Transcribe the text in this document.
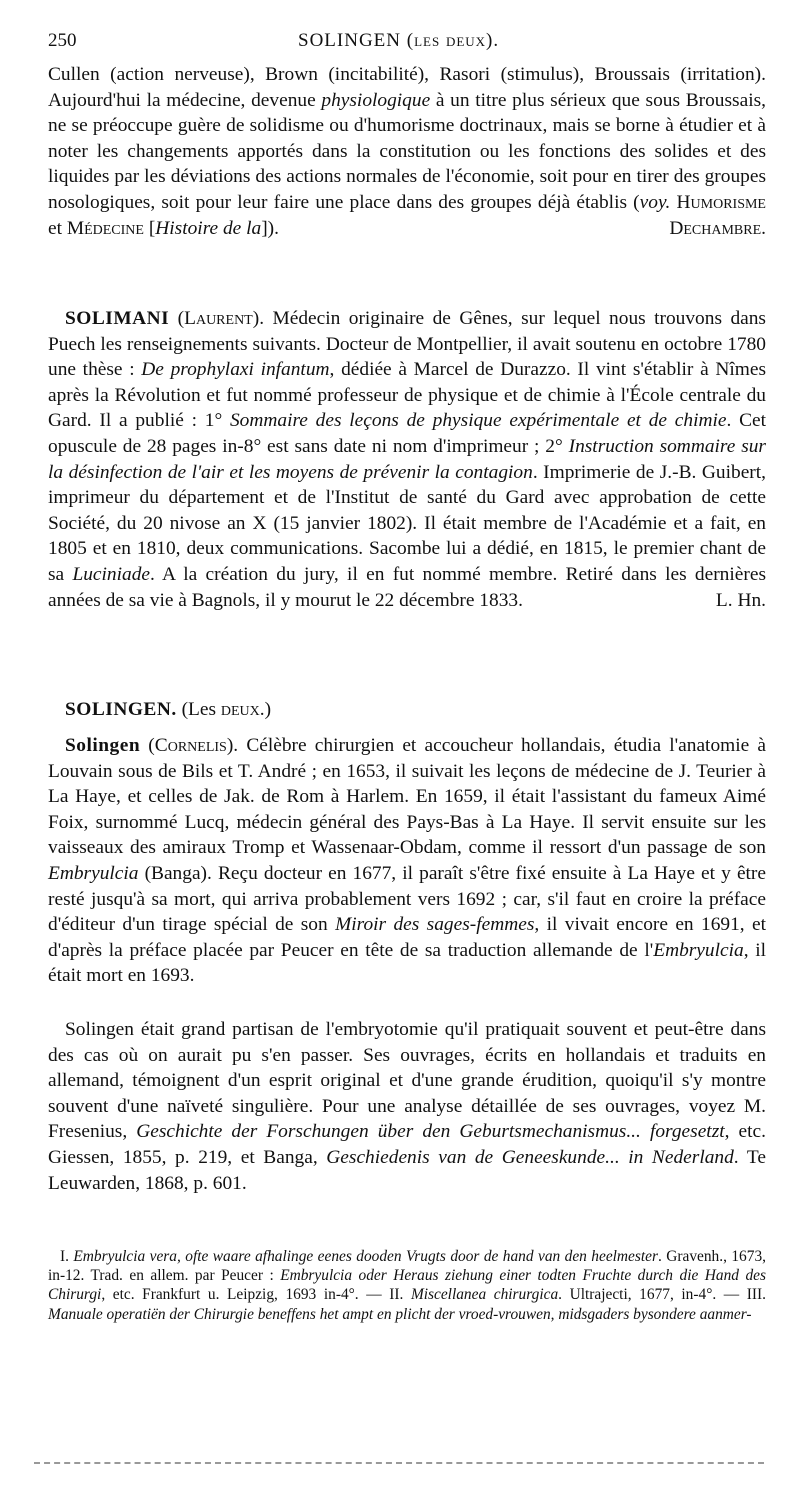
250	SOLINGEN (les deux).

Cullen (action nerveuse), Brown (incitabilité), Rasori (stimulus), Broussais (irritation). Aujourd'hui la médecine, devenue physiologique à un titre plus sérieux que sous Broussais, ne se préoccupe guère de solidisme ou d'humorisme doctrinaux, mais se borne à étudier et à noter les changements apportés dans la constitution ou les fonctions des solides et des liquides par les déviations des actions normales de l'économie, soit pour en tirer des groupes nosologiques, soit pour leur faire une place dans des groupes déjà établis (voy. Humorisme et Médecine [Histoire de la]).	Dechambre.

SOLIMANI (Laurent). Médecin originaire de Gênes, sur lequel nous trouvons dans Puech les renseignements suivants. Docteur de Montpellier, il avait soutenu en octobre 1780 une thèse : De prophylaxi infantum, dédiée à Marcel de Durazzo. Il vint s'établir à Nîmes après la Révolution et fut nommé professeur de physique et de chimie à l'École centrale du Gard. Il a publié : 1° Sommaire des leçons de physique expérimentale et de chimie. Cet opuscule de 28 pages in-8° est sans date ni nom d'imprimeur ; 2° Instruction sommaire sur la désinfection de l'air et les moyens de prévenir la contagion. Imprimerie de J.-B. Guibert, imprimeur du département et de l'Institut de santé du Gard avec approbation de cette Société, du 20 nivose an X (15 janvier 1802). Il était membre de l'Académie et a fait, en 1805 et en 1810, deux communications. Sacombe lui a dédié, en 1815, le premier chant de sa Luciniade. A la création du jury, il en fut nommé membre. Retiré dans les dernières années de sa vie à Bagnols, il y mourut le 22 décembre 1833.	L. Hn.

SOLINGEN. (Les deux.)

Solingen (Cornelis). Célèbre chirurgien et accoucheur hollandais, étudia l'anatomie à Louvain sous de Bils et T. André ; en 1653, il suivait les leçons de médecine de J. Teurier à La Haye, et celles de Jak. de Rom à Harlem. En 1659, il était l'assistant du fameux Aimé Foix, surnommé Lucq, médecin général des Pays-Bas à La Haye. Il servit ensuite sur les vaisseaux des amiraux Tromp et Wassenaar-Obdam, comme il ressort d'un passage de son Embryulcia (Banga). Reçu docteur en 1677, il paraît s'être fixé ensuite à La Haye et y être resté jusqu'à sa mort, qui arriva probablement vers 1692 ; car, s'il faut en croire la préface d'éditeur d'un tirage spécial de son Miroir des sages-femmes, il vivait encore en 1691, et d'après la préface placée par Peucer en tête de sa traduction allemande de l'Embryulcia, il était mort en 1693.

Solingen était grand partisan de l'embryotomie qu'il pratiquait souvent et peut-être dans des cas où on aurait pu s'en passer. Ses ouvrages, écrits en hollandais et traduits en allemand, témoignent d'un esprit original et d'une grande érudition, quoiqu'il s'y montre souvent d'une naïveté singulière. Pour une analyse détaillée de ses ouvrages, voyez M. Fresenius, Geschichte der Forschungen über den Geburtsmechanismus... forgesetzt, etc. Giessen, 1855, p. 219, et Banga, Geschiedenis van de Geneeskunde... in Nederland. Te Leuwarden, 1868, p. 601.

I. Embryulcia vera, ofte waare afhalinge eenes dooden Vrugts door de hand van den heelmester. Gravenh., 1673, in-12. Trad. en allem. par Peucer : Embryulcia oder Heraus ziehung einer todten Fruchte durch die Hand des Chirurgi, etc. Frankfurt u. Leipzig, 1693 in-4°. — II. Miscellanea chirurgica. Ultrajecti, 1677, in-4°. — III. Manuale operatiën der Chirurgie beneffens het ampt en plicht der vroed-vrouwen, midsgaders bysondere aanmer-
